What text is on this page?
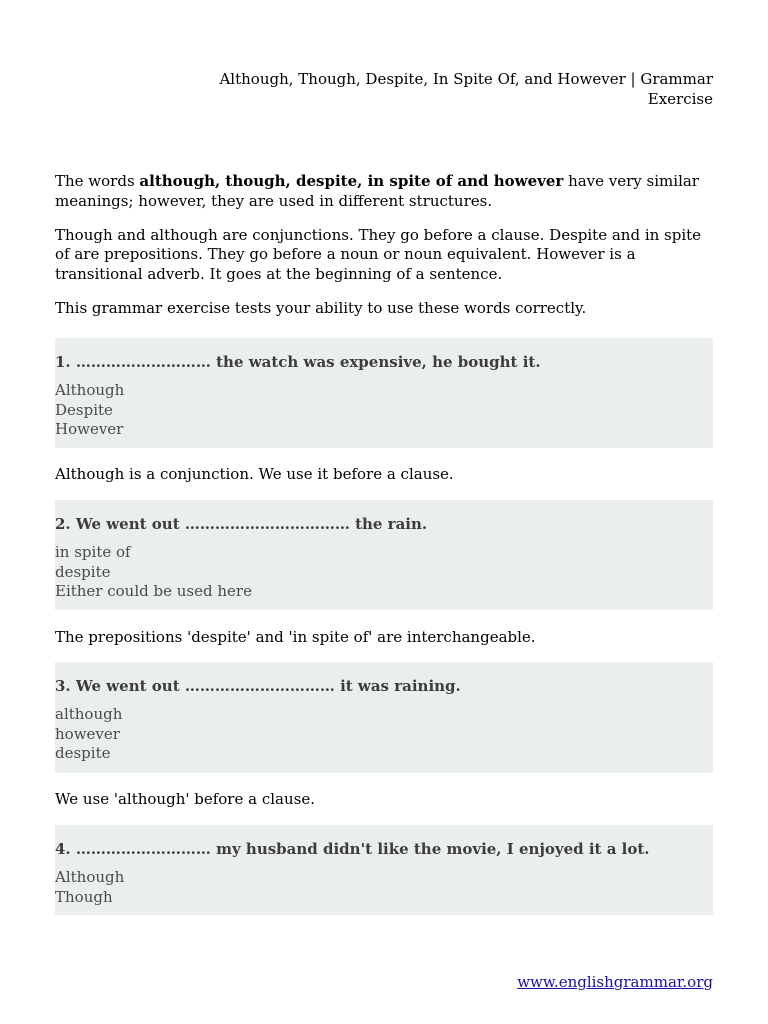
Although, Though, Despite, In Spite Of, and However | Grammar Exercise

The words although, though, despite, in spite of and however have very similar meanings; however, they are used in different structures.

Though and although are conjunctions. They go before a clause. Despite and in spite of are prepositions. They go before a noun or noun equivalent. However is a transitional adverb. It goes at the beginning of a sentence.

This grammar exercise tests your ability to use these words correctly.

1. ……………………… the watch was expensive, he bought it.
Although
Despite
However
Although is a conjunction. We use it before a clause.
2. We went out …………………………… the rain.
in spite of
despite
Either could be used here
The prepositions 'despite' and 'in spite of' are interchangeable.
3. We went out ………………………… it was raining.
although
however
despite
We use 'although' before a clause.
4. ……………………… my husband didn't like the movie, I enjoyed it a lot.
Although
Though
www.englishgrammar.org
